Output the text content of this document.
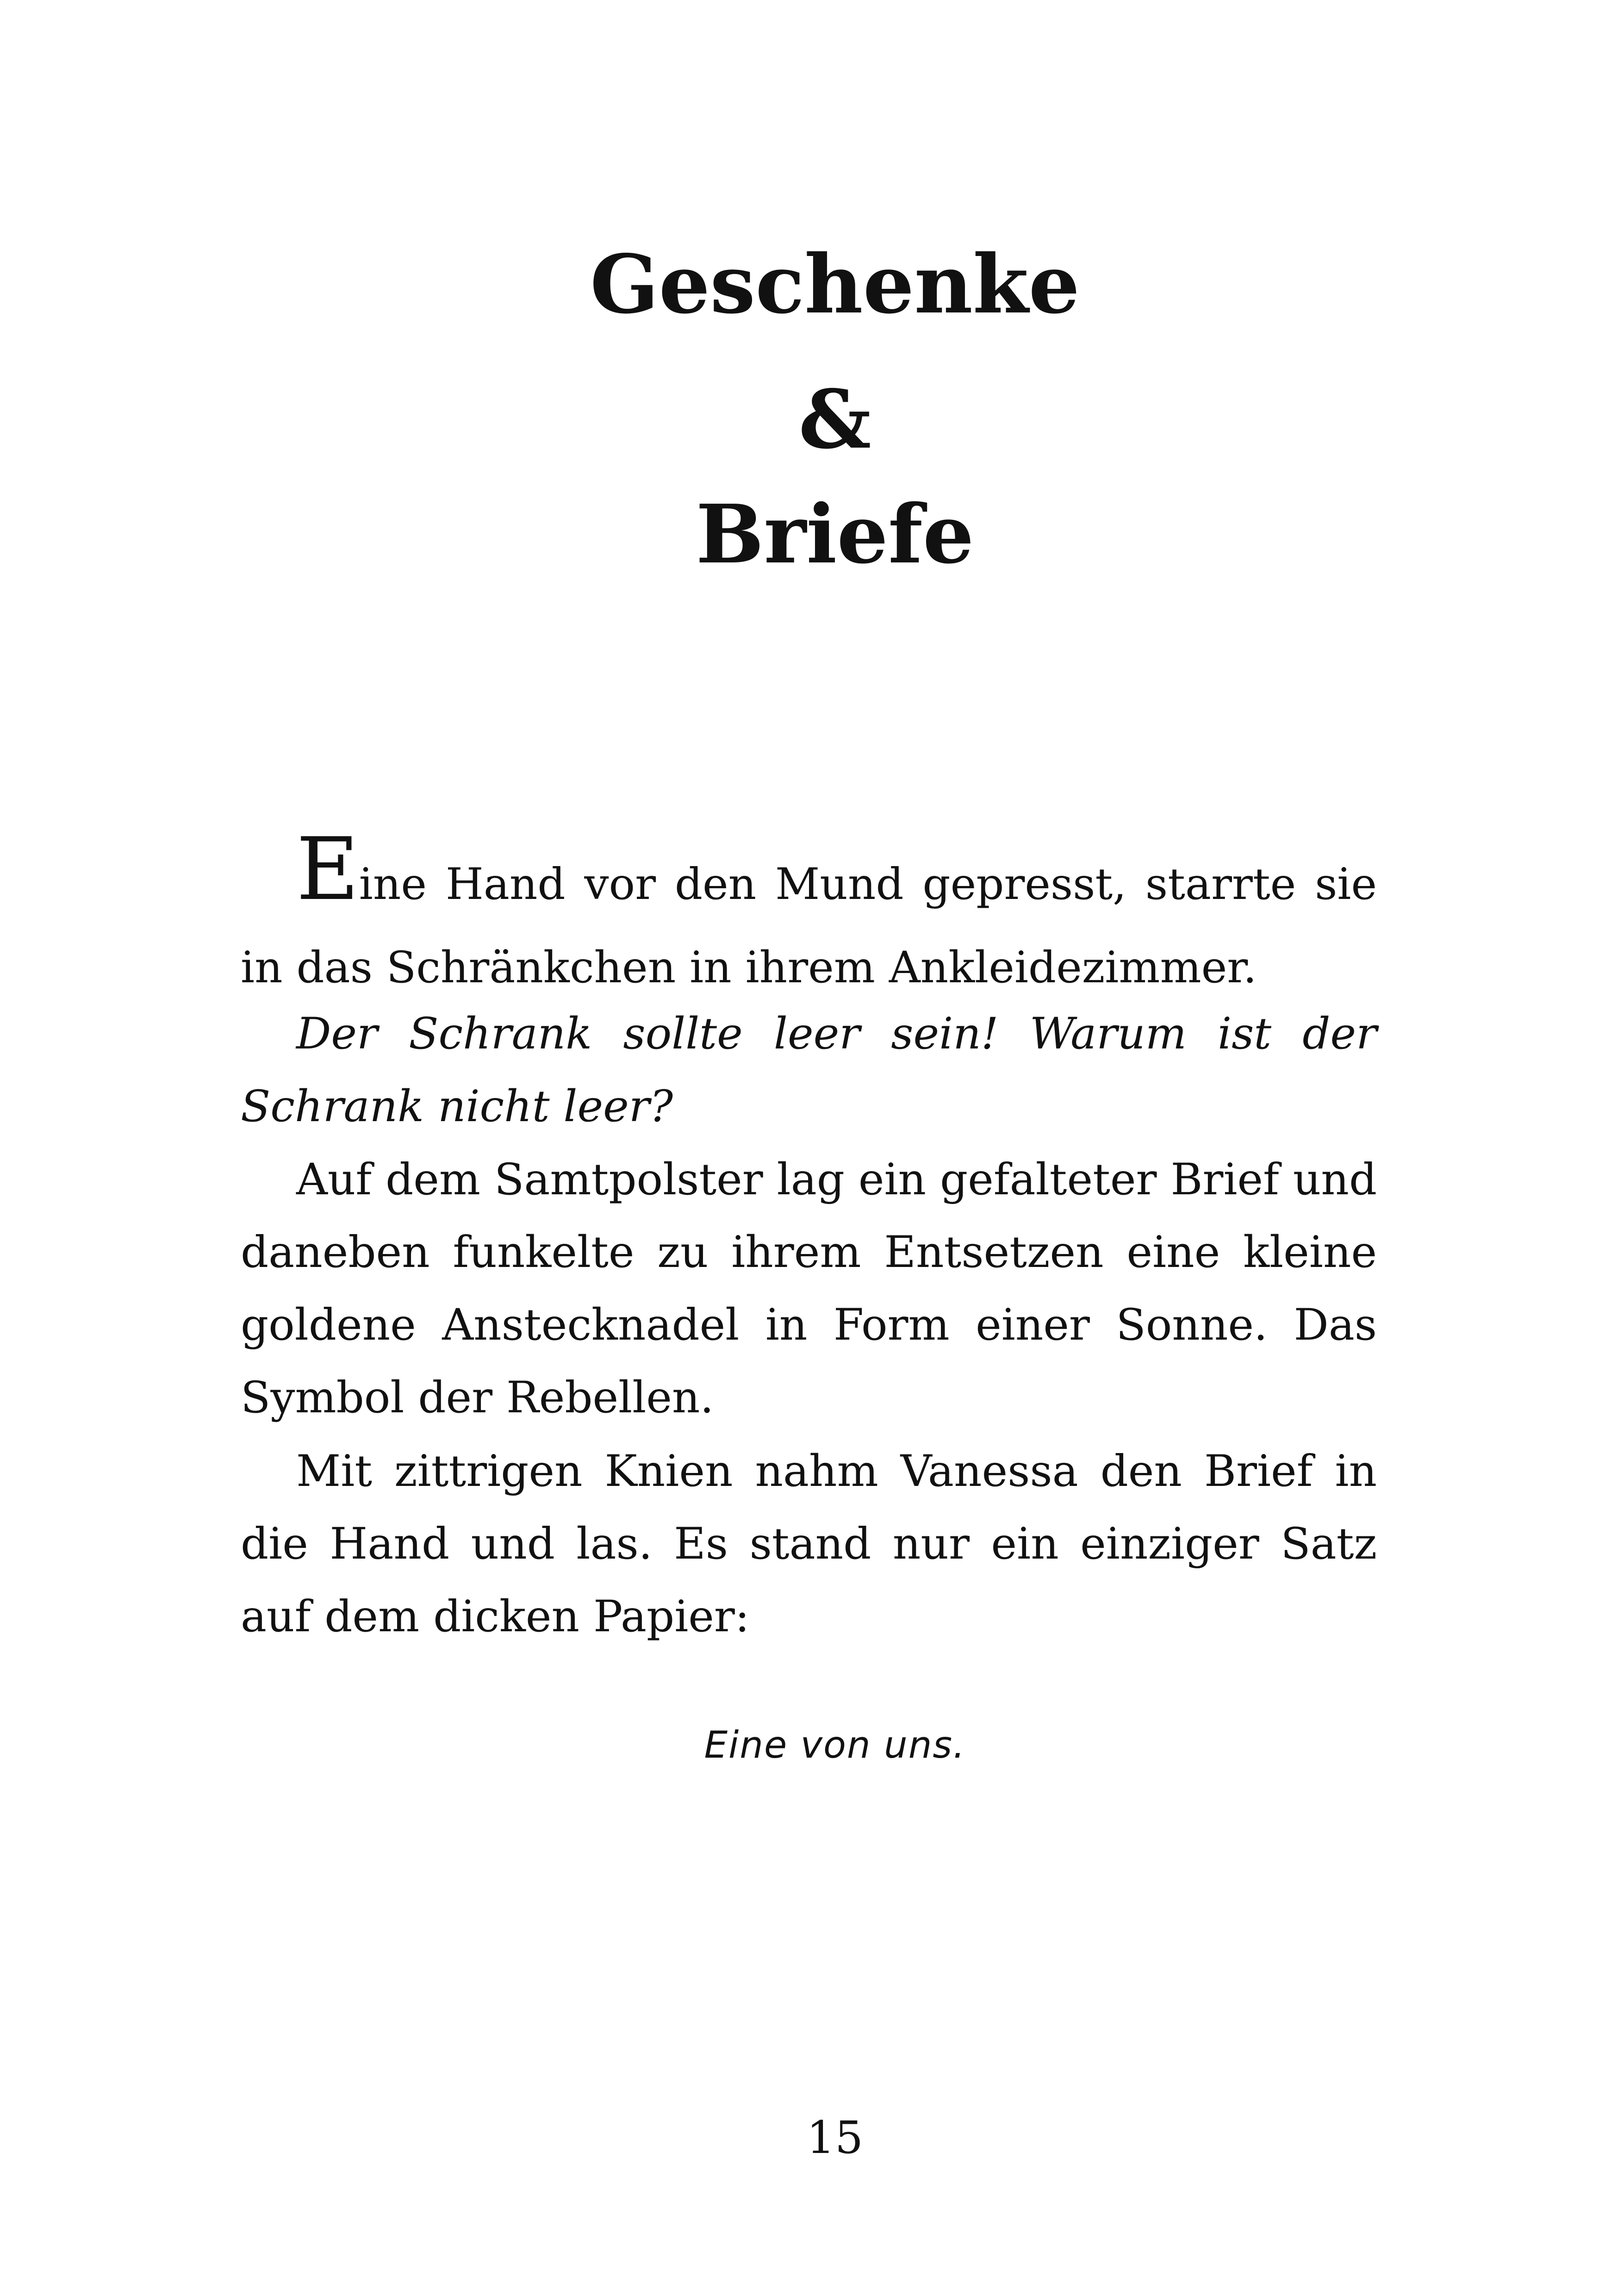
Geschenke
&
Briefe

Eine Hand vor den Mund gepresst, starrte sie in das Schränkchen in ihrem Ankleidezimmer.

Der Schrank sollte leer sein! Warum ist der Schrank nicht leer?

Auf dem Samtpolster lag ein gefalteter Brief und daneben funkelte zu ihrem Entsetzen eine kleine goldene Anstecknadel in Form einer Sonne. Das Symbol der Rebellen.

Mit zittrigen Knien nahm Vanessa den Brief in die Hand und las. Es stand nur ein einziger Satz auf dem dicken Papier:

Eine von uns.
15
